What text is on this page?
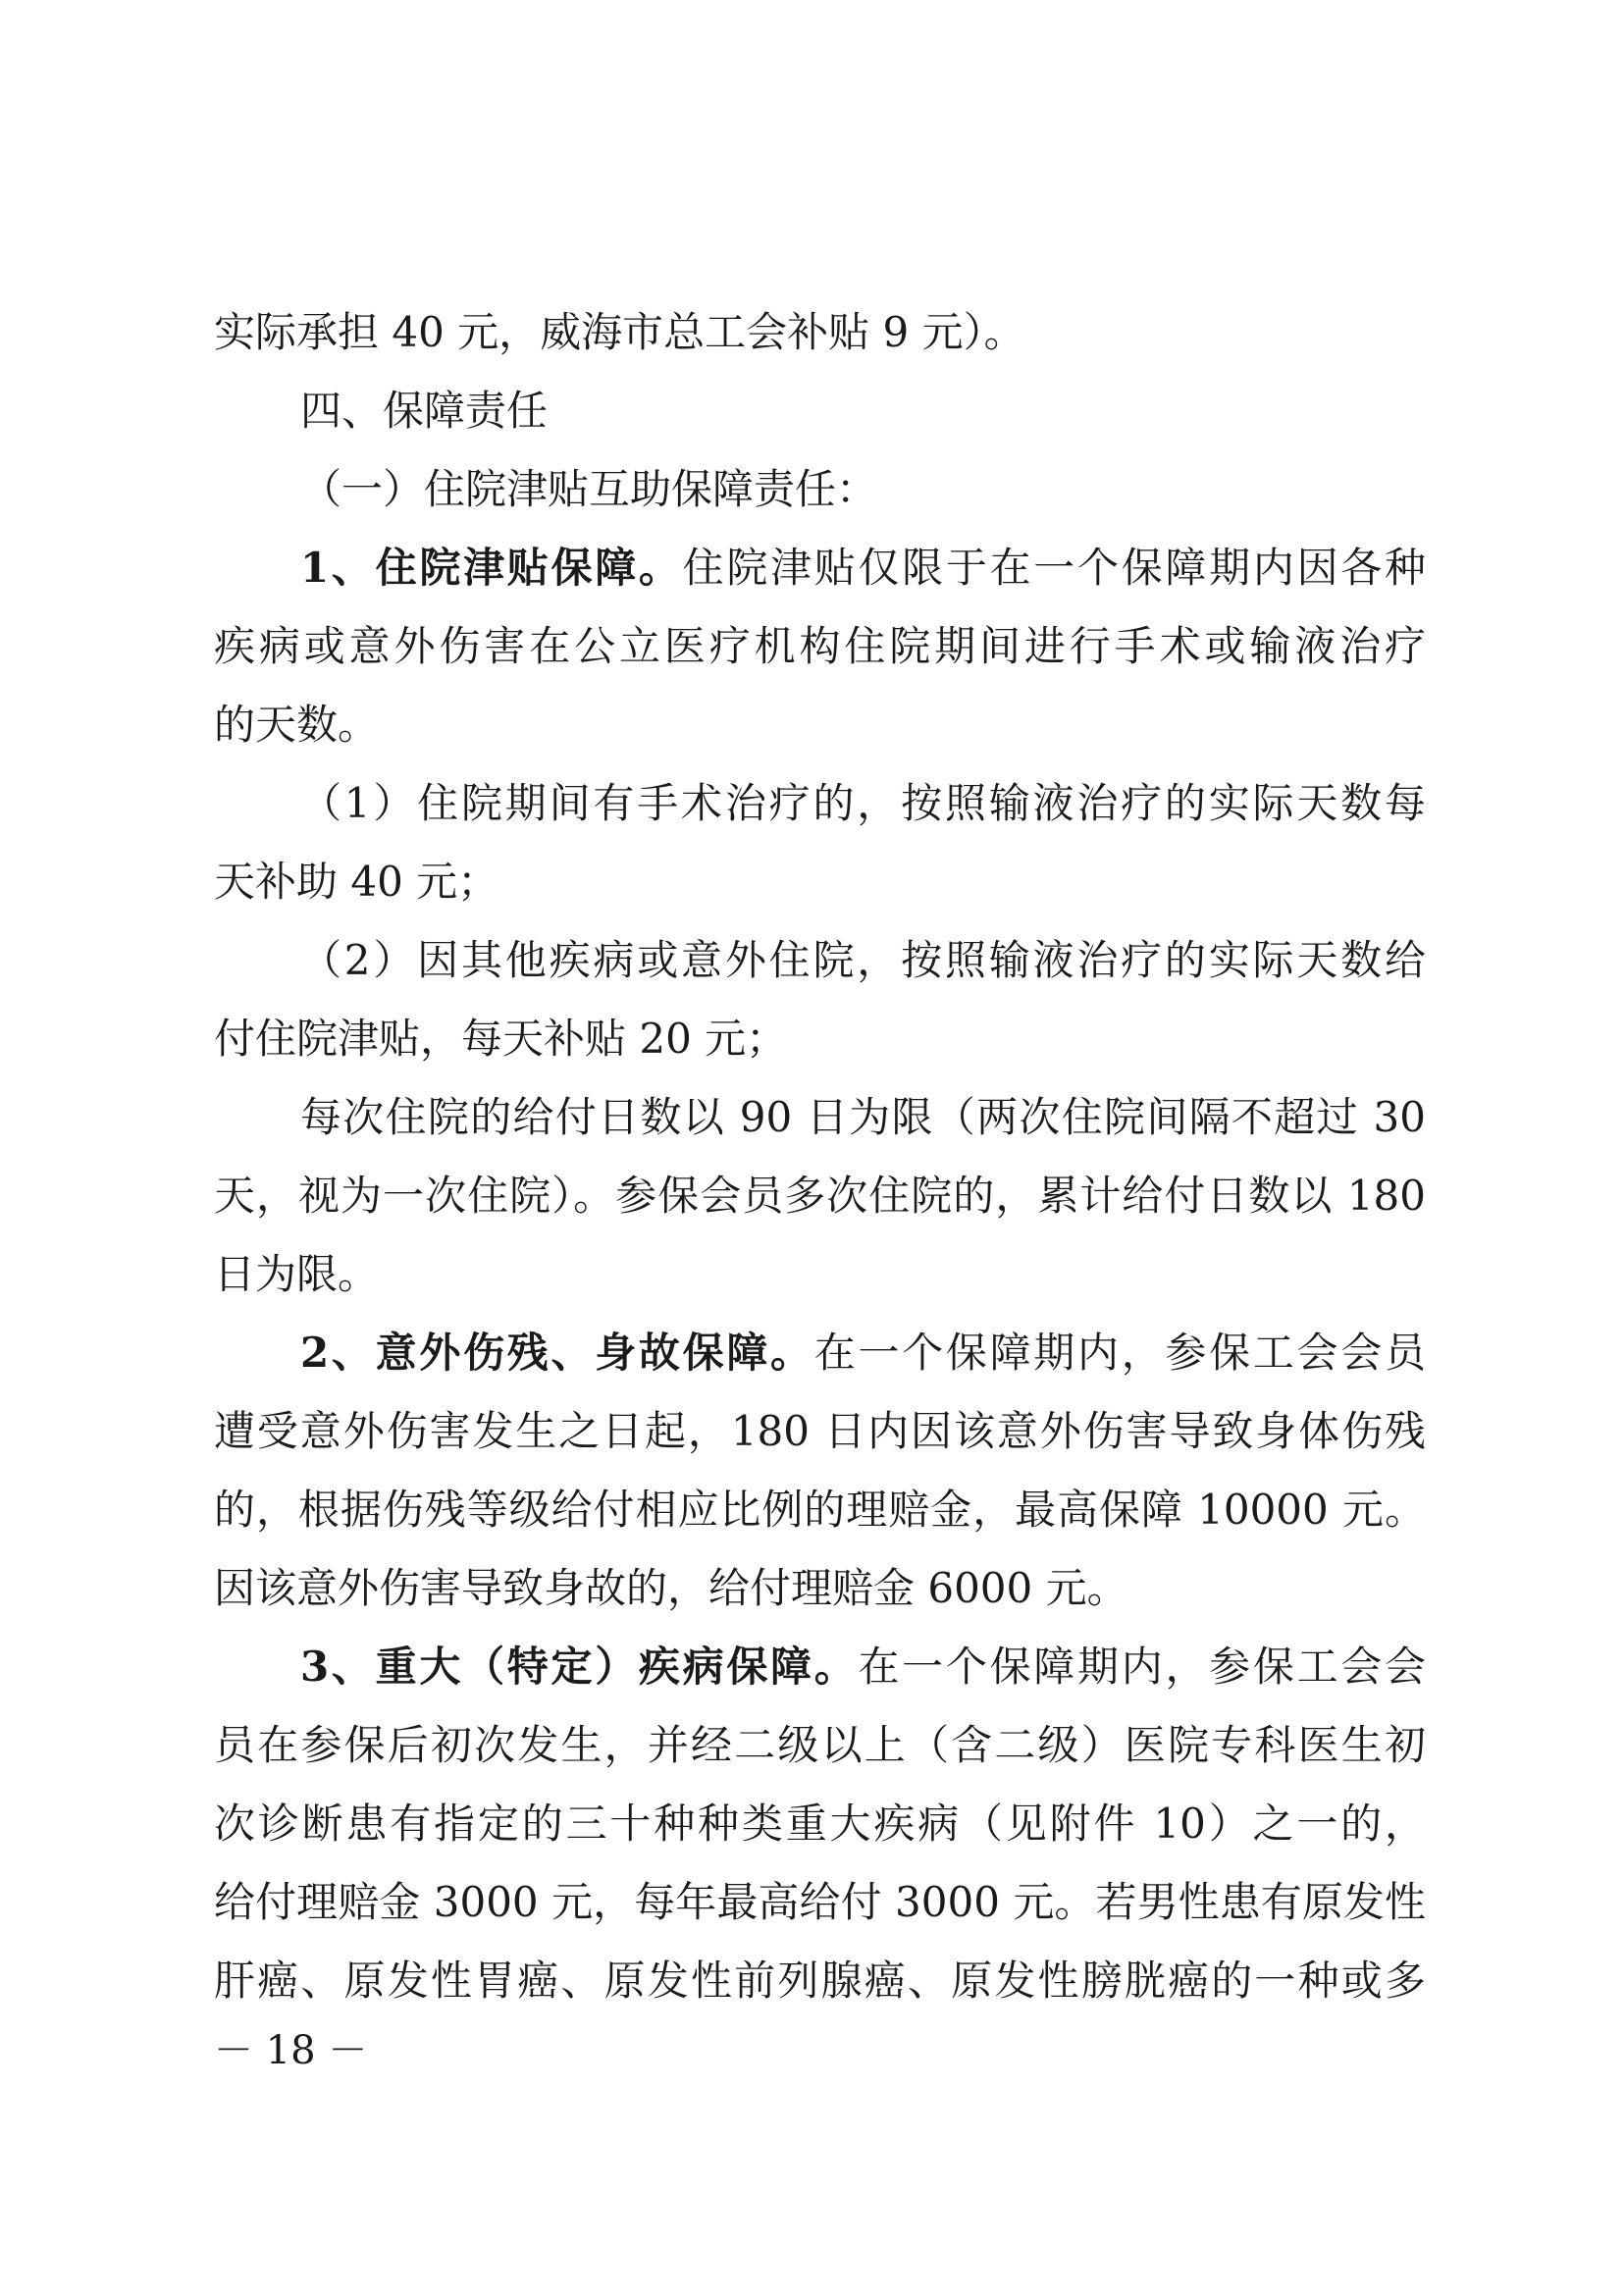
实际承担 40 元，威海市总工会补贴 9 元）。
四、保障责任
（一）住院津贴互助保障责任：
1、住院津贴保障。住院津贴仅限于在一个保障期内因各种
疾病或意外伤害在公立医疗机构住院期间进行手术或输液治疗
的天数。
（1）住院期间有手术治疗的，按照输液治疗的实际天数每
天补助 40 元；
（2）因其他疾病或意外住院，按照输液治疗的实际天数给
付住院津贴，每天补贴 20 元；
每次住院的给付日数以 90 日为限（两次住院间隔不超过 30
天，视为一次住院）。参保会员多次住院的，累计给付日数以 180
日为限。
2、意外伤残、身故保障。在一个保障期内，参保工会会员
遭受意外伤害发生之日起，180 日内因该意外伤害导致身体伤残
的，根据伤残等级给付相应比例的理赔金，最高保障 10000 元。
因该意外伤害导致身故的，给付理赔金 6000 元。
3、重大（特定）疾病保障。在一个保障期内，参保工会会
员在参保后初次发生，并经二级以上（含二级）医院专科医生初
次诊断患有指定的三十种种类重大疾病（见附件 10）之一的，
给付理赔金 3000 元，每年最高给付 3000 元。若男性患有原发性
肝癌、原发性胃癌、原发性前列腺癌、原发性膀胱癌的一种或多
－ 18 －
